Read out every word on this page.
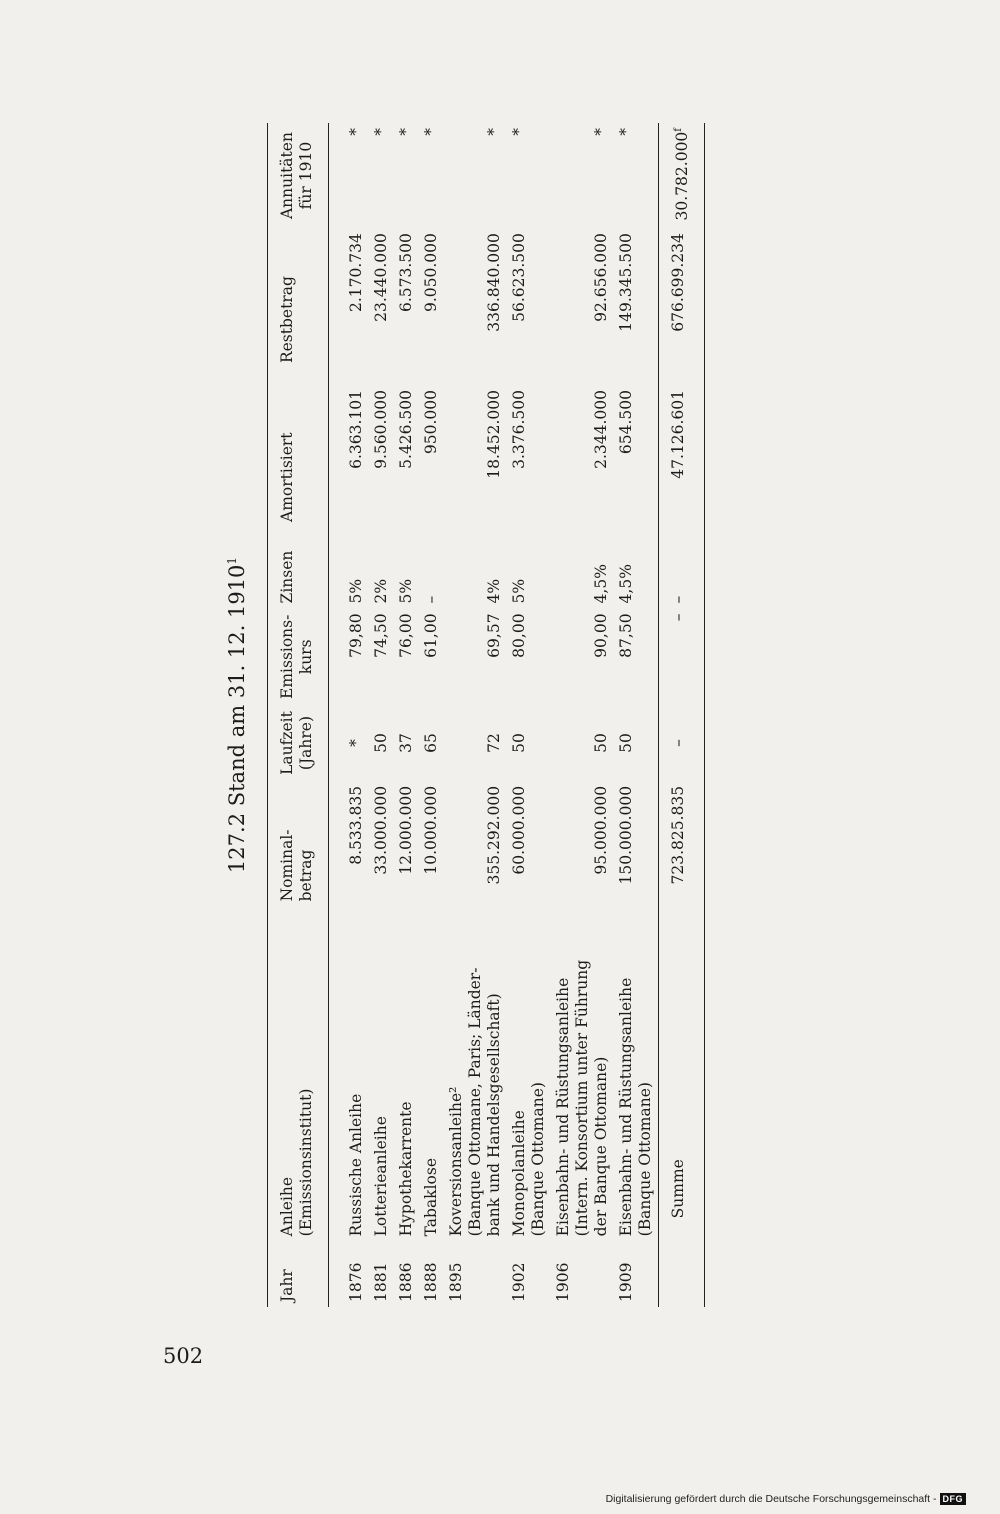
502
127.2 Stand am 31. 12. 1910$^1$
Jahr	Anleihe (Emissionsinstitut)	Nominal- betrag	Laufzeit (Jahre)	Emissions- kurs	Zinsen	Amortisiert	Restbetrag	Annuitäten für 1910

1876	Russische Anleihe	8.533.835	*	79,80	5%	6.363.101	2.170.734	*
1881	Lotterieanleihe	33.000.000	50	74,50	2%	9.560.000	23.440.000	*
1886	Hypothekarrente	12.000.000	37	76,00	5%	5.426.500	6.573.500	*
1888	Tabaklose	10.000.000	65	61,00	–	950.000	9.050.000	*
1895	Koversionsanleihe² (Banque Ottomane, Paris; Länder- bank und Handelsgesellschaft)	355.292.000	72	69,57	4%	18.452.000	336.840.000	*
1902	Monopolanleihe (Banque Ottomane)	60.000.000	50	80,00	5%	3.376.500	56.623.500	*
1906	Eisenbahn- und Rüstungsanleihe (Intern. Konsortium unter Führung der Banque Ottomane)	95.000.000	50	90,00	4,5%	2.344.000	92.656.000	*
1909	Eisenbahn- und Rüstungsanleihe (Banque Ottomane)	150.000.000	50	87,50	4,5%	654.500	149.345.500	*
	Summe	723.825.835	–	–	–	47.126.601	676.699.234	30.782.000$^f$
Digitalisierung gefördert durch die Deutsche Forschungsgemeinschaft - DFG
